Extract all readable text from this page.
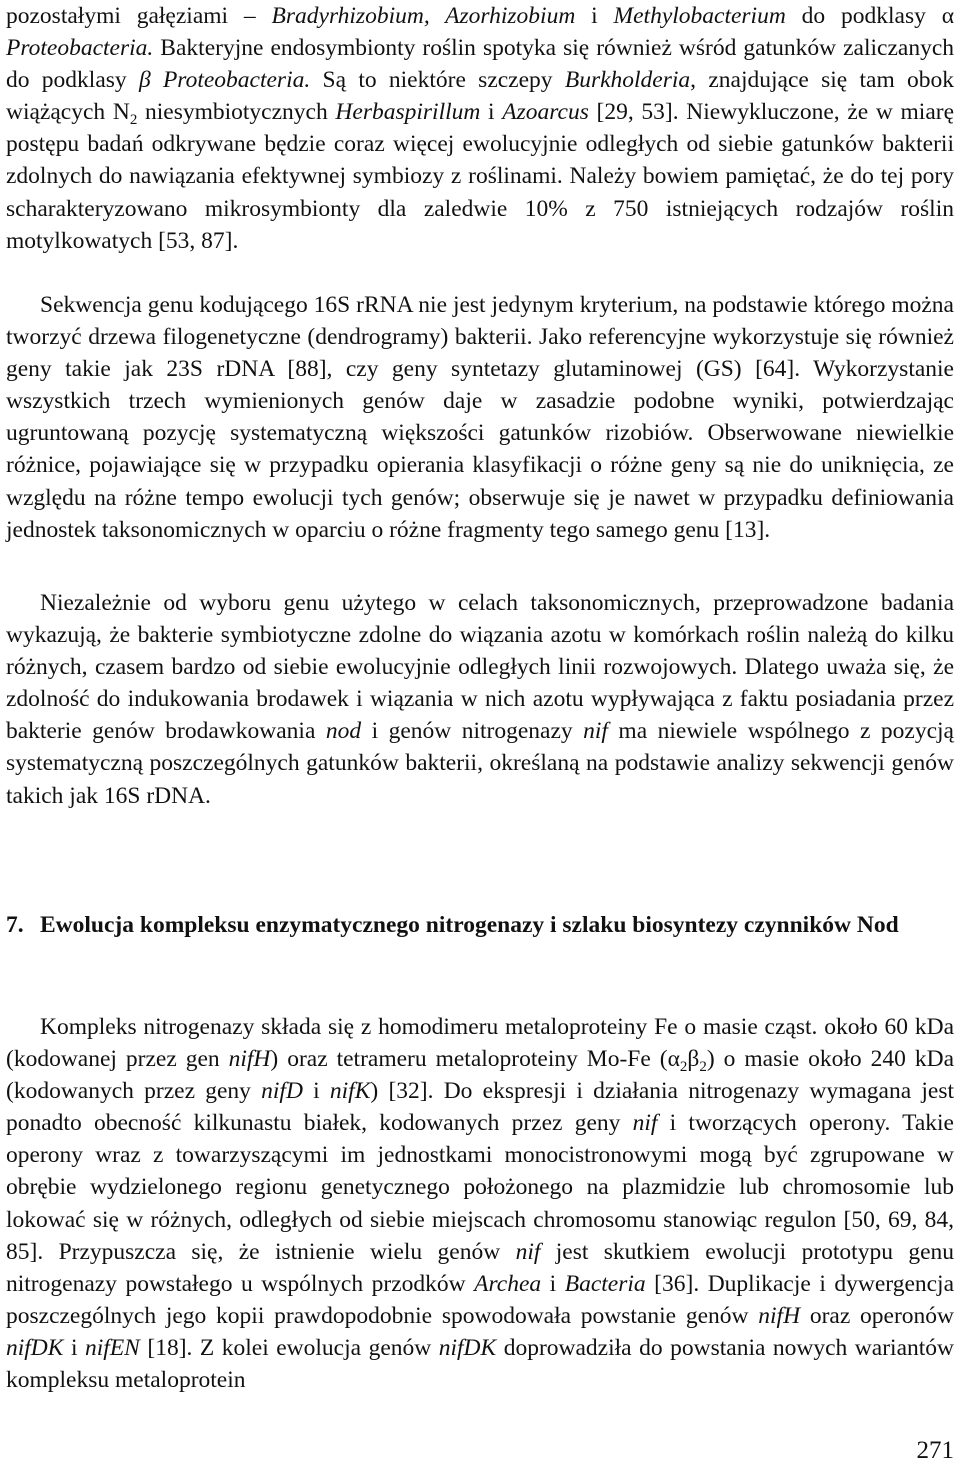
pozostałymi gałęziami – Bradyrhizobium, Azorhizobium i Methylobacterium do podklasy α Proteobacteria. Bakteryjne endosymbionty roślin spotyka się również wśród gatunków zaliczanych do podklasy β Proteobacteria. Są to niektóre szczepy Burkholderia, znajdujące się tam obok wiążących $N_2$ niesymbiotycznych Herbaspirillum i Azoarcus [29, 53]. Niewykluczone, że w miarę postępu badań odkrywane będzie coraz więcej ewolucyjnie odległych od siebie gatunków bakterii zdolnych do nawiązania efektywnej symbiozy z roślinami. Należy bowiem pamiętać, że do tej pory scharakteryzowano mikrosymbionty dla zaledwie 10% z 750 istniejących rodzajów roślin motylkowatych [53, 87].
Sekwencja genu kodującego 16S rRNA nie jest jedynym kryterium, na podstawie którego można tworzyć drzewa filogenetyczne (dendrogramy) bakterii. Jako referencyjne wykorzystuje się również geny takie jak 23S rDNA [88], czy geny syntetazy glutaminowej (GS) [64]. Wykorzystanie wszystkich trzech wymienionych genów daje w zasadzie podobne wyniki, potwierdzając ugruntowaną pozycję systematyczną większości gatunków rizobiów. Obserwowane niewielkie różnice, pojawiające się w przypadku opierania klasyfikacji o różne geny są nie do uniknięcia, ze względu na różne tempo ewolucji tych genów; obserwuje się je nawet w przypadku definiowania jednostek taksonomicznych w oparciu o różne fragmenty tego samego genu [13].
Niezależnie od wyboru genu użytego w celach taksonomicznych, przeprowadzone badania wykazują, że bakterie symbiotyczne zdolne do wiązania azotu w komórkach roślin należą do kilku różnych, czasem bardzo od siebie ewolucyjnie odległych linii rozwojowych. Dlatego uważa się, że zdolność do indukowania brodawek i wiązania w nich azotu wypływająca z faktu posiadania przez bakterie genów brodawkowania nod i genów nitrogenazy nif ma niewiele wspólnego z pozycją systematyczną poszczególnych gatunków bakterii, określaną na podstawie analizy sekwencji genów takich jak 16S rDNA.
7. Ewolucja kompleksu enzymatycznego nitrogenazy i szlaku biosyntezy czynników Nod
Kompleks nitrogenazy składa się z homodimeru metaloproteiny Fe o masie cząst. około 60 kDa (kodowanej przez gen nifH) oraz tetrameru metaloproteiny Mo-Fe $(\alpha_2\beta_2)$ o masie około 240 kDa (kodowanych przez geny nifD i nifK) [32]. Do ekspresji i działania nitrogenazy wymagana jest ponadto obecność kilkunastu białek, kodowanych przez geny nif i tworzących operony. Takie operony wraz z towarzyszącymi im jednostkami monocistronowymi mogą być zgrupowane w obrębie wydzielonego regionu genetycznego położonego na plazmidzie lub chromosomie lub lokować się w różnych, odległych od siebie miejscach chromosomu stanowiąc regulon [50, 69, 84, 85]. Przypuszcza się, że istnienie wielu genów nif jest skutkiem ewolucji prototypu genu nitrogenazy powstałego u wspólnych przodków Archea i Bacteria [36]. Duplikacje i dywergencja poszczególnych jego kopii prawdopodobnie spowodowała powstanie genów nifH oraz operonów nifDK i nifEN [18]. Z kolei ewolucja genów nifDK doprowadziła do powstania nowych wariantów kompleksu metaloprotein
271
